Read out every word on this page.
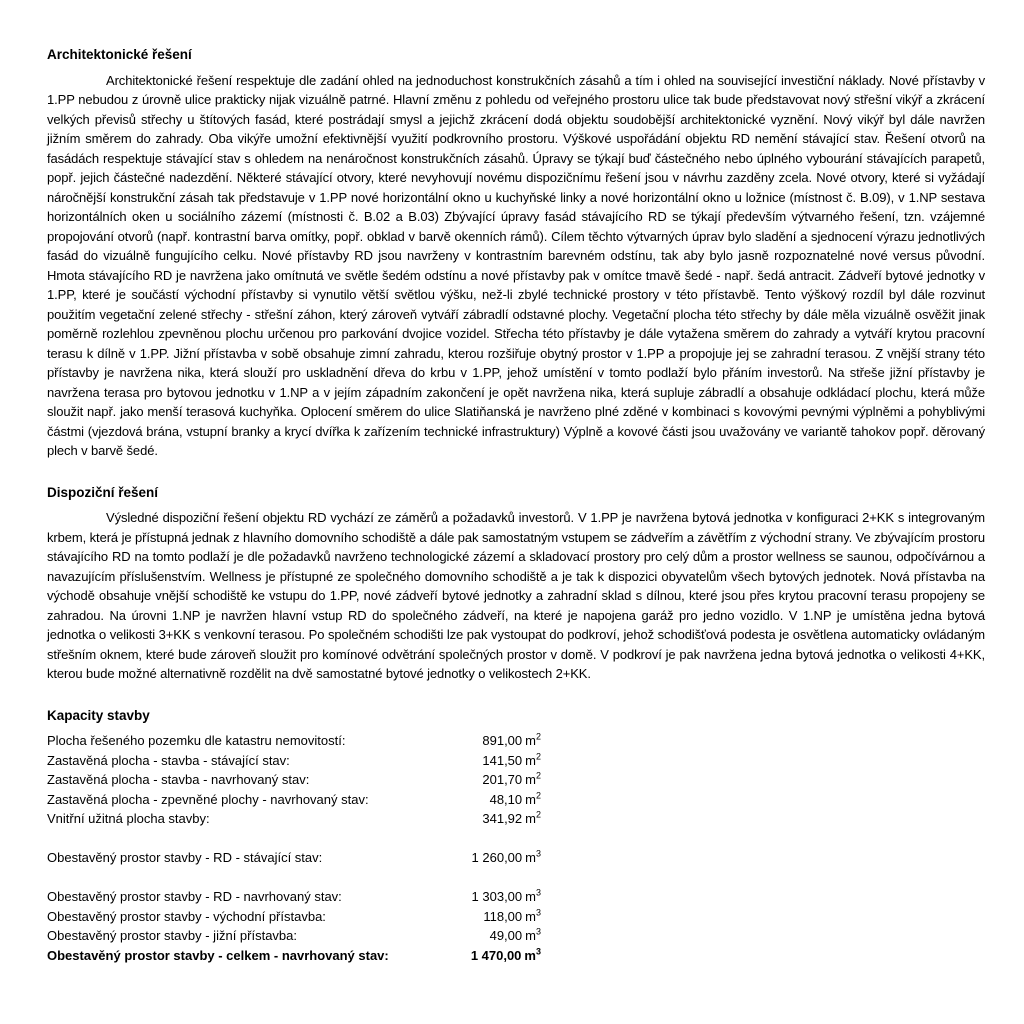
Architektonické řešení

Architektonické řešení respektuje dle zadání ohled na jednoduchost konstrukčních zásahů a tím i ohled na související investiční náklady. Nové přístavby v 1.PP nebudou z úrovně ulice prakticky nijak vizuálně patrné. Hlavní změnu z pohledu od veřejného prostoru ulice tak bude představovat nový střešní vikýř a zkrácení velkých převisů střechy u štítových fasád, které postrádají smysl a jejichž zkrácení dodá objektu soudobější architektonické vyznění. Nový vikýř byl dále navržen jižním směrem do zahrady. Oba vikýře umožní efektivnější využití podkrovního prostoru. Výškové uspořádání objektu RD nemění stávající stav. Řešení otvorů na fasádách respektuje stávající stav s ohledem na nenáročnost konstrukčních zásahů. Úpravy se týkají buď částečného nebo úplného vybourání stávajících parapetů, popř. jejich částečné nadezdění. Některé stávající otvory, které nevyhovují novému dispozičnímu řešení jsou v návrhu zazděny zcela. Nové otvory, které si vyžádají náročnější konstrukční zásah tak představuje v 1.PP nové horizontální okno u kuchyňské linky a nové horizontální okno u ložnice (místnost č. B.09), v 1.NP sestava horizontálních oken u sociálního zázemí (místnosti č. B.02 a B.03) Zbývající úpravy fasád stávajícího RD se týkají především výtvarného řešení, tzn. vzájemné propojování otvorů (např. kontrastní barva omítky, popř. obklad v barvě okenních rámů). Cílem těchto výtvarných úprav bylo sladění a sjednocení výrazu jednotlivých fasád do vizuálně fungujícího celku. Nové přístavby RD jsou navrženy v kontrastním barevném odstínu, tak aby bylo jasně rozpoznatelné nové versus původní. Hmota stávajícího RD je navržena jako omítnutá ve světle šedém odstínu a nové přístavby pak v omítce tmavě šedé - např. šedá antracit. Zádveří bytové jednotky v 1.PP, které je součástí východní přístavby si vynutilo větší světlou výšku, než-li zbylé technické prostory v této přístavbě. Tento výškový rozdíl byl dále rozvinut použitím vegetační zelené střechy - střešní záhon, který zároveň vytváří zábradlí odstavné plochy. Vegetační plocha této střechy by dále měla vizuálně osvěžit jinak poměrně rozlehlou zpevněnou plochu určenou pro parkování dvojice vozidel. Střecha této přístavby je dále vytažena směrem do zahrady a vytváří krytou pracovní terasu k dílně v 1.PP. Jižní přístavba v sobě obsahuje zimní zahradu, kterou rozšiřuje obytný prostor v 1.PP a propojuje jej se zahradní terasou. Z vnější strany této přístavby je navržena nika, která slouží pro uskladnění dřeva do krbu v 1.PP, jehož umístění v tomto podlaží bylo přáním investorů. Na střeše jižní přístavby je navržena terasa pro bytovou jednotku v 1.NP a v jejím západním zakončení je opět navržena nika, která supluje zábradlí a obsahuje odkládací plochu, která může sloužit např. jako menší terasová kuchyňka. Oplocení směrem do ulice Slatiňanská je navrženo plné zděné v kombinaci s kovovými pevnými výplněmi a pohyblivými částmi (vjezdová brána, vstupní branky a krycí dvířka k zařízením technické infrastruktury) Výplně a kovové části jsou uvažovány ve variantě tahokov popř. děrovaný plech v barvě šedé.

Dispoziční řešení

Výsledné dispoziční řešení objektu RD vychází ze záměrů a požadavků investorů. V 1.PP je navržena bytová jednotka v konfiguraci 2+KK s integrovaným krbem, která je přístupná jednak z hlavního domovního schodiště a dále pak samostatným vstupem se zádveřím a závětřím z východní strany. Ve zbývajícím prostoru stávajícího RD na tomto podlaží je dle požadavků navrženo technologické zázemí a skladovací prostory pro celý dům a prostor wellness se saunou, odpočívárnou a navazujícím příslušenstvím. Wellness je přístupné ze společného domovního schodiště a je tak k dispozici obyvatelům všech bytových jednotek. Nová přístavba na východě obsahuje vnější schodiště ke vstupu do 1.PP, nové zádveří bytové jednotky a zahradní sklad s dílnou, které jsou přes krytou pracovní terasu propojeny se zahradou. Na úrovni 1.NP je navržen hlavní vstup RD do společného zádveří, na které je napojena garáž pro jedno vozidlo. V 1.NP je umístěna jedna bytová jednotka o velikosti 3+KK s venkovní terasou. Po společném schodišti lze pak vystoupat do podkroví, jehož schodišťová podesta je osvětlena automaticky ovládaným střešním oknem, které bude zároveň sloužit pro komínové odvětrání společných prostor v domě. V podkroví je pak navržena jedna bytová jednotka o velikosti 4+KK, kterou bude možné alternativně rozdělit na dvě samostatné bytové jednotky o velikostech 2+KK.

Kapacity stavby
Plocha řešeného pozemku dle katastru nemovitostí:	891,00 $m^2$
Zastavěná plocha - stavba - stávající stav:	141,50 $m^2$
Zastavěná plocha - stavba - navrhovaný stav:	201,70 $m^2$
Zastavěná plocha - zpevněné plochy - navrhovaný stav:	48,10 $m^2$
Vnitřní užitná plocha stavby:	341,92 $m^2$
Obestavěný prostor stavby - RD - stávající stav:	1 260,00 $m^3$
Obestavěný prostor stavby - RD - navrhovaný stav:	1 303,00 $m^3$
Obestavěný prostor stavby - východní přístavba:	118,00 $m^3$
Obestavěný prostor stavby - jižní přístavba:	49,00 $m^3$
Obestavěný prostor stavby - celkem - navrhovaný stav:	1 470,00 $m^3$
